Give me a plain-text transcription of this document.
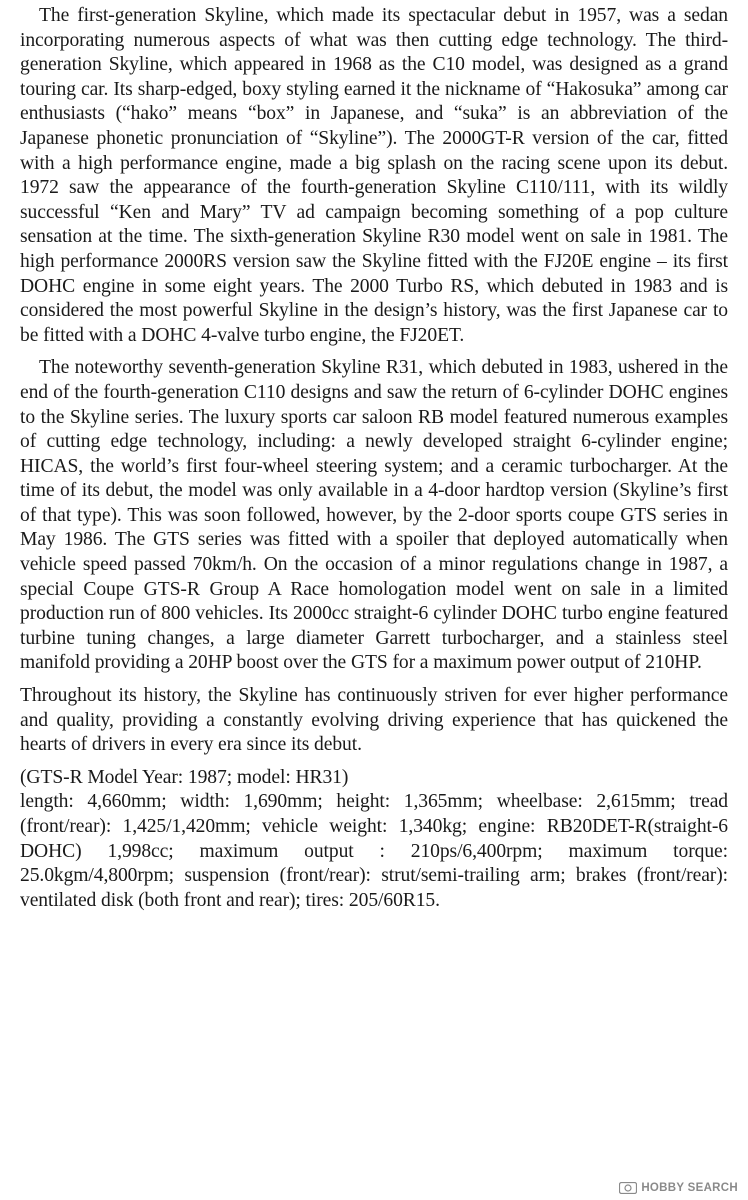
The first-generation Skyline, which made its spectacular debut in 1957, was a sedan incorporating numerous aspects of what was then cutting edge technology. The third-generation Skyline, which appeared in 1968 as the C10 model, was designed as a grand touring car. Its sharp-edged, boxy styling earned it the nickname of “Hakosuka” among car enthusiasts (“hako” means “box” in Japanese, and “suka” is an abbreviation of the Japanese phonetic pronunciation of “Skyline”). The 2000GT-R version of the car, fitted with a high performance engine, made a big splash on the racing scene upon its debut. 1972 saw the appearance of the fourth-generation Skyline C110/111, with its wildly successful “Ken and Mary” TV ad campaign becoming something of a pop culture sensation at the time. The sixth-generation Skyline R30 model went on sale in 1981. The high performance 2000RS version saw the Skyline fitted with the FJ20E engine – its first DOHC engine in some eight years. The 2000 Turbo RS, which debuted in 1983 and is considered the most powerful Skyline in the design’s history, was the first Japanese car to be fitted with a DOHC 4-valve turbo engine, the FJ20ET.

The noteworthy seventh-generation Skyline R31, which debuted in 1983, ushered in the end of the fourth-generation C110 designs and saw the return of 6-cylinder DOHC engines to the Skyline series. The luxury sports car saloon RB model featured numerous examples of cutting edge technology, including: a newly developed straight 6-cylinder engine; HICAS, the world’s first four-wheel steering system; and a ceramic turbocharger. At the time of its debut, the model was only available in a 4-door hardtop version (Skyline’s first of that type). This was soon followed, however, by the 2-door sports coupe GTS series in May 1986. The GTS series was fitted with a spoiler that deployed automatically when vehicle speed passed 70km/h. On the occasion of a minor regulations change in 1987, a special Coupe GTS-R Group A Race homologation model went on sale in a limited production run of 800 vehicles. Its 2000cc straight-6 cylinder DOHC turbo engine featured turbine tuning changes, a large diameter Garrett turbocharger, and a stainless steel manifold providing a 20HP boost over the GTS for a maximum power output of 210HP.

Throughout its history, the Skyline has continuously striven for ever higher performance and quality, providing a constantly evolving driving experience that has quickened the hearts of drivers in every era since its debut.

(GTS-R Model Year: 1987; model: HR31)

length: 4,660mm; width: 1,690mm; height: 1,365mm; wheelbase: 2,615mm; tread (front/rear): 1,425/1,420mm; vehicle weight: 1,340kg; engine: RB20DET-R(straight-6 DOHC) 1,998cc; maximum output : 210ps/6,400rpm; maximum torque: 25.0kgm/4,800rpm; suspension (front/rear): strut/semi-trailing arm; brakes (front/rear): ventilated disk (both front and rear); tires: 205/60R15.

HOBBY SEARCH
